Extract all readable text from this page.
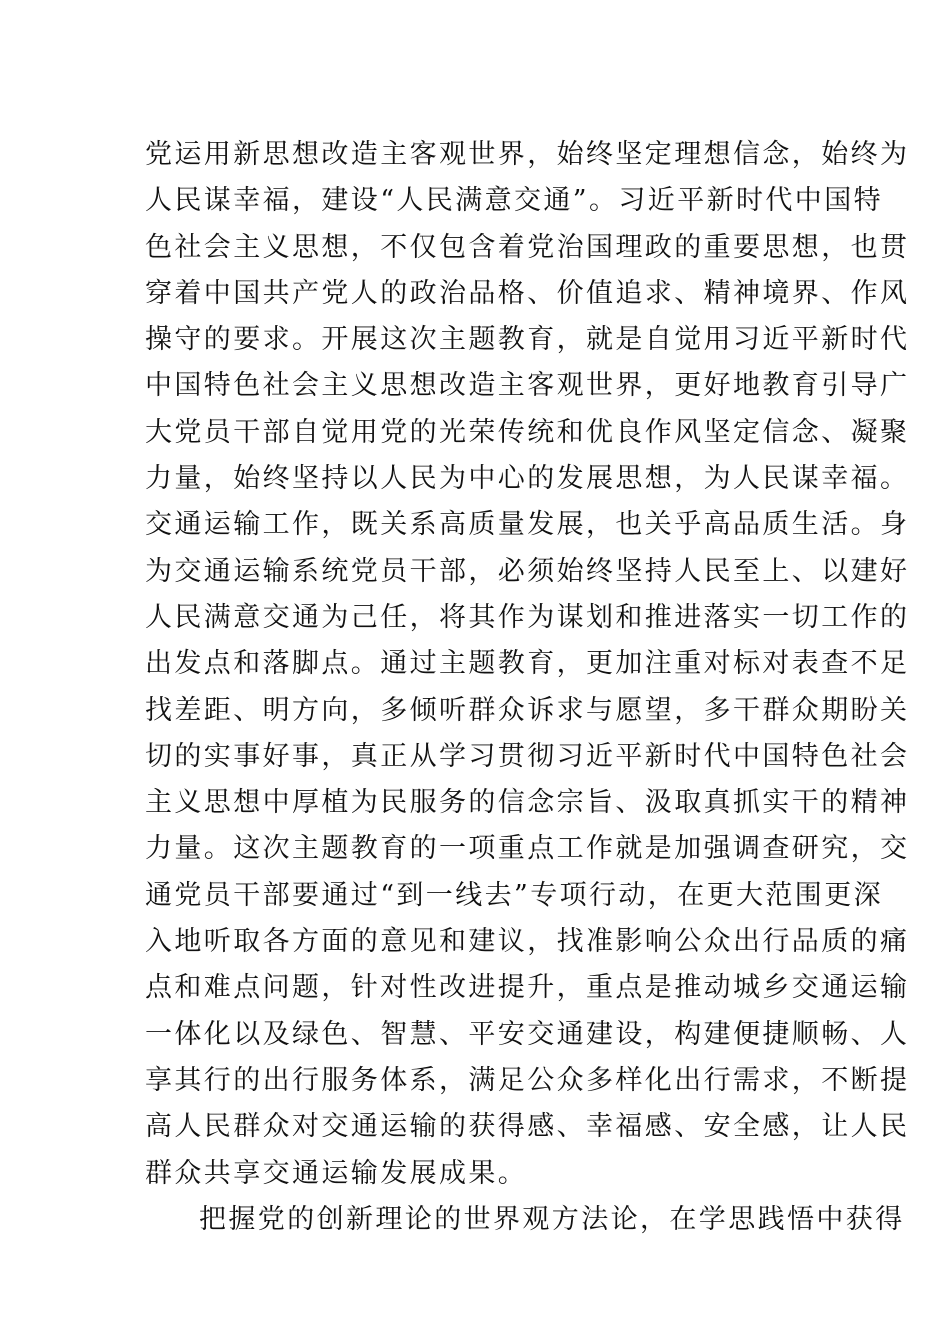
党运用新思想改造主客观世界，始终坚定理想信念，始终为
人民谋幸福，建设“人民满意交通”。习近平新时代中国特
色社会主义思想，不仅包含着党治国理政的重要思想，也贯
穿着中国共产党人的政治品格、价值追求、精神境界、作风
操守的要求。开展这次主题教育，就是自觉用习近平新时代
中国特色社会主义思想改造主客观世界，更好地教育引导广
大党员干部自觉用党的光荣传统和优良作风坚定信念、凝聚
力量，始终坚持以人民为中心的发展思想，为人民谋幸福。
交通运输工作，既关系高质量发展，也关乎高品质生活。身
为交通运输系统党员干部，必须始终坚持人民至上、以建好
人民满意交通为己任，将其作为谋划和推进落实一切工作的
出发点和落脚点。通过主题教育，更加注重对标对表查不足
找差距、明方向，多倾听群众诉求与愿望，多干群众期盼关
切的实事好事，真正从学习贯彻习近平新时代中国特色社会
主义思想中厚植为民服务的信念宗旨、汲取真抓实干的精神
力量。这次主题教育的一项重点工作就是加强调查研究，交
通党员干部要通过“到一线去”专项行动，在更大范围更深
入地听取各方面的意见和建议，找准影响公众出行品质的痛
点和难点问题，针对性改进提升，重点是推动城乡交通运输
一体化以及绿色、智慧、平安交通建设，构建便捷顺畅、人
享其行的出行服务体系，满足公众多样化出行需求，不断提
高人民群众对交通运输的获得感、幸福感、安全感，让人民
群众共享交通运输发展成果。
把握党的创新理论的世界观方法论，在学思践悟中获得
